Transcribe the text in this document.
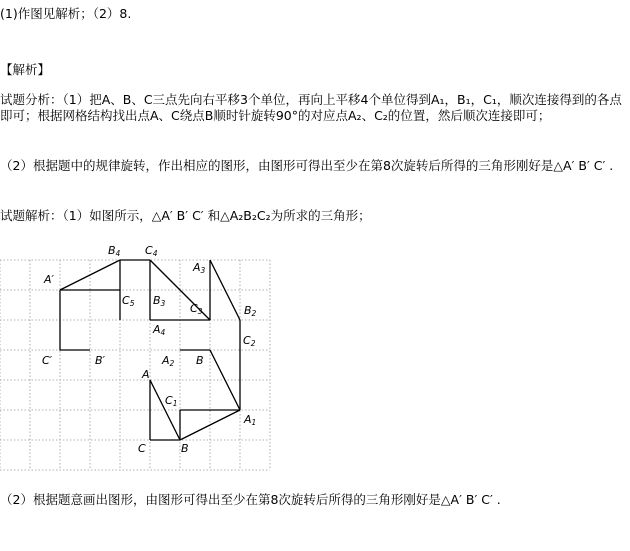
(1)作图见解析；（2）8.
【解析】
试题分析：（1）把A、B、C三点先向右平移3个单位，再向上平移4个单位得到A₁，B₁，C₁，顺次连接得到的各点即可；根据网格结构找出点A、C绕点B顺时针旋转90°的对应点A₂、C₂的位置，然后顺次连接即可；
（2）根据题中的规律旋转，作出相应的图形，由图形可得出至少在第8次旋转后所得的三角形刚好是△A′ B′ C′ .
试题解析：（1）如图所示，△A′ B′ C′ 和△A₂B₂C₂为所求的三角形；
B4 C4
A3
A′
C5 B3 C3	B2
A4
C2
C′	B′	A2 B
A
C1
A1
C	B
（2）根据题意画出图形，由图形可得出至少在第8次旋转后所得的三角形刚好是△A′ B′ C′ .
